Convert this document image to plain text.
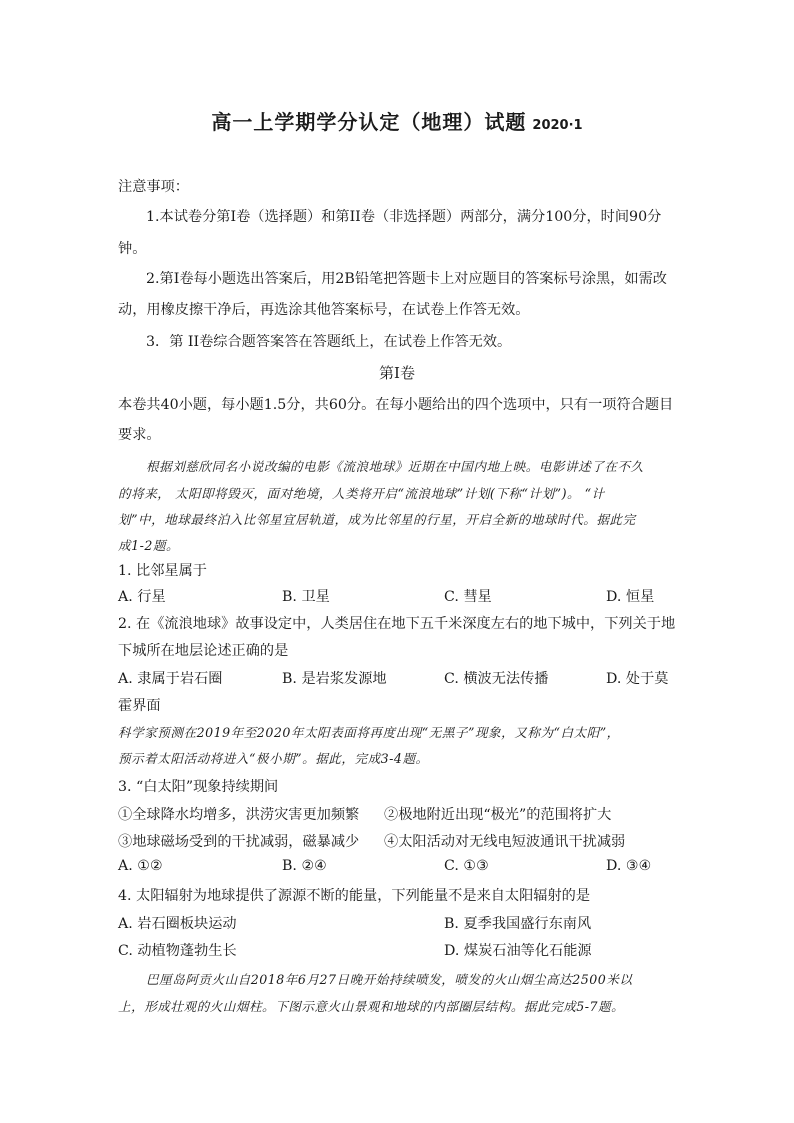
高一上学期学分认定（地理）试题 2020·1
注意事项：
1.本试卷分第Ⅰ卷（选择题）和第II卷（非选择题）两部分，满分100分，时间90分
钟。
2.第Ⅰ卷每小题选出答案后，用2B铅笔把答题卡上对应题目的答案标号涂黑，如需改
动，用橡皮擦干净后，再选涂其他答案标号，在试卷上作答无效。
3．第 II卷综合题答案答在答题纸上，在试卷上作答无效。
第Ⅰ卷
本卷共40小题，每小题1.5分，共60分。在每小题给出的四个选项中，只有一项符合题目
要求。
根据刘慈欣同名小说改编的电影《流浪地球》近期在中国内地上映。电影讲述了在不久
的将来， 太阳即将毁灭，面对绝境，人类将开启“流浪地球”计划(下称“计划”)。 “计
划”中，地球最终泊入比邻星宜居轨道，成为比邻星的行星，开启全新的地球时代。据此完
成1-2题。
1. 比邻星属于
A. 行星	B. 卫星	C. 彗星	D. 恒星
2. 在《流浪地球》故事设定中，人类居住在地下五千米深度左右的地下城中，下列关于地
下城所在地层论述正确的是
A. 隶属于岩石圈	B. 是岩浆发源地	C. 横波无法传播	D. 处于莫
霍界面
科学家预测在2019年至2020年太阳表面将再度出现“无黑子”现象，又称为“白太阳”，
预示着太阳活动将进入“极小期”。据此，完成3-4题。
3. “白太阳”现象持续期间
①全球降水均增多，洪涝灾害更加频繁 ②极地附近出现“极光”的范围将扩大
③地球磁场受到的干扰减弱，磁暴减少 ④太阳活动对无线电短波通讯干扰减弱
A. ①②	B. ②④	C. ①③	D. ③④
4. 太阳辐射为地球提供了源源不断的能量，下列能量不是来自太阳辐射的是
A. 岩石圈板块运动	B. 夏季我国盛行东南风
C. 动植物蓬勃生长	D. 煤炭石油等化石能源
巴厘岛阿贡火山自2018年6月27日晚开始持续喷发，喷发的火山烟尘高达2500米以
上，形成壮观的火山烟柱。下图示意火山景观和地球的内部圈层结构。据此完成5-7题。
